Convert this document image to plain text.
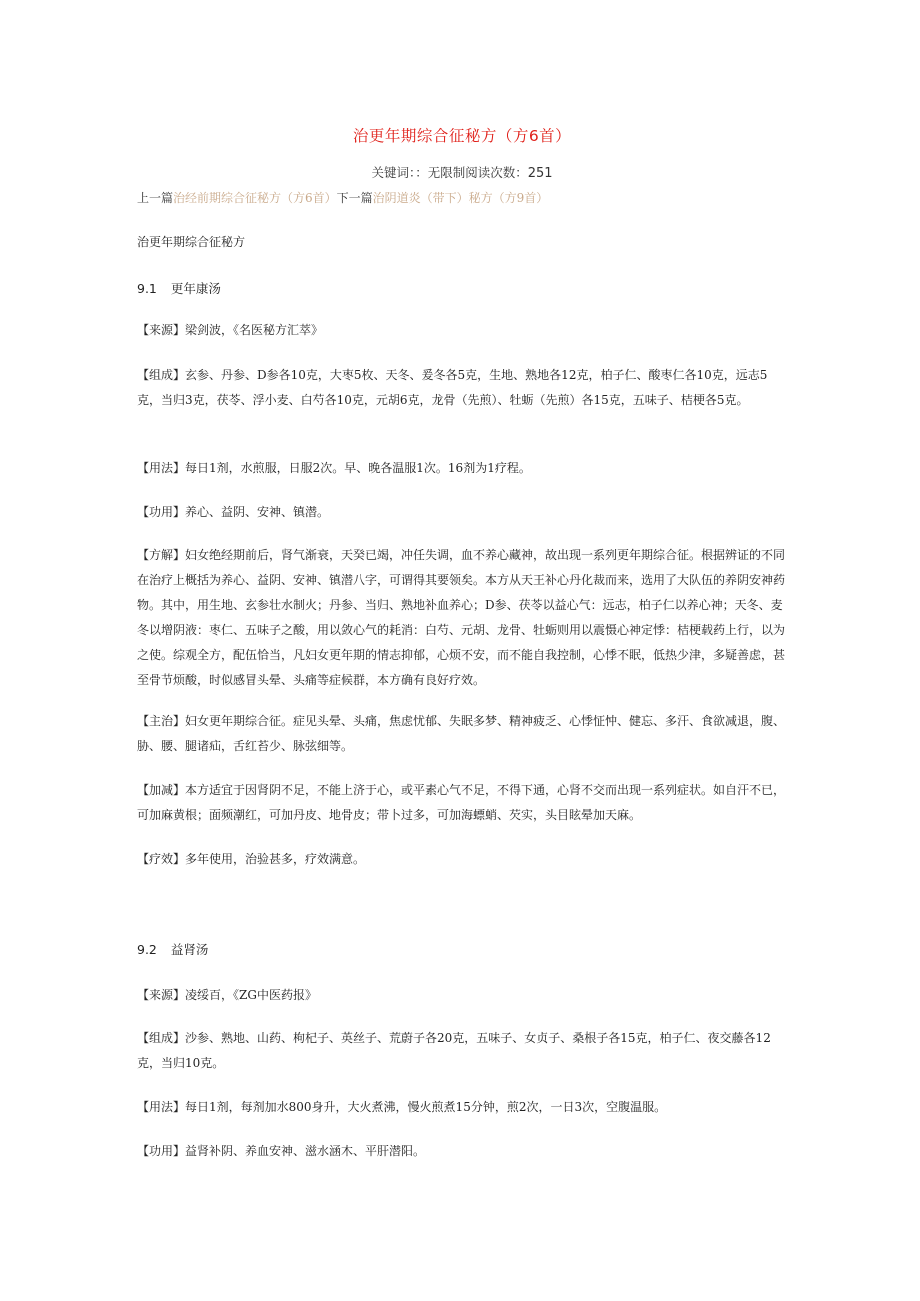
治更年期综合征秘方（方6首）
关键词：：无限制阅读次数：251
上一篇治经前期综合征秘方（方6首）下一篇治阴道炎（带下）秘方（方9首）
治更年期综合征秘方
9.1 更年康汤
【来源】梁剑波，《名医秘方汇萃》
【组成】玄参、丹参、D参各10克，大枣5枚、天冬、爰冬各5克，生地、熟地各12克，柏子仁、酸枣仁各10克，远志5克，当归3克，茯苓、浮小麦、白芍各10克，元胡6克，龙骨（先煎）、牡蛎（先煎）各15克，五味子、桔梗各5克。
【用法】每日1剂，水煎服，日服2次。早、晚各温服1次。16剂为1疗程。
【功用】养心、益阴、安神、镇潜。
【方解】妇女绝经期前后，肾气渐衰，天癸已竭，冲任失调，血不养心藏神，故出现一系列更年期综合征。根据辨证的不同在治疗上概括为养心、益阴、安神、镇潜八字，可谓得其要领矣。本方从天王补心丹化裁而来，选用了大队伍的养阴安神药物。其中，用生地、玄参壮水制火；丹参、当归、熟地补血养心；D参、茯苓以益心气：远志，柏子仁以养心神；天冬、麦冬以增阴液：枣仁、五味子之酸，用以敛心气的耗消：白芍、元胡、龙骨、牡蛎则用以震慑心神定悸：桔梗载药上行，以为之使。综观全方，配伍恰当，凡妇女更年期的情志抑郁，心烦不安，而不能自我控制，心悸不眠，低热少津，多疑善虑，甚至骨节烦酸，时似感冒头晕、头痛等症候群，本方确有良好疗效。
【主治】妇女更年期综合征。症见头晕、头痛，焦虑忧郁、失眠多梦、精神疲乏、心悸怔忡、健忘、多汗、食欲减退，腹、胁、腰、腿诸疝，舌红苔少、脉弦细等。
【加减】本方适宜于因肾阴不足，不能上济于心，或平素心气不足，不得下通，心肾不交而出现一系列症状。如自汗不已，可加麻黄根；面频潮红，可加丹皮、地骨皮；带卜过多，可加海螵蛸、芡实，头目眩晕加天麻。
【疗效】多年使用，治验甚多，疗效满意。
9.2 益肾汤
【来源】凌绥百，《ZG中医药报》
【组成】沙参、熟地、山药、枸杞子、英丝子、荒蔚子各20克，五味子、女贞子、桑根子各15克，柏子仁、夜交藤各12克，当归10克。
【用法】每日1剂，每剂加水800身升，大火煮沸，慢火煎煮15分钟，煎2次，一日3次，空腹温服。
【功用】益肾补阴、养血安神、滋水涵木、平肝潜阳。
